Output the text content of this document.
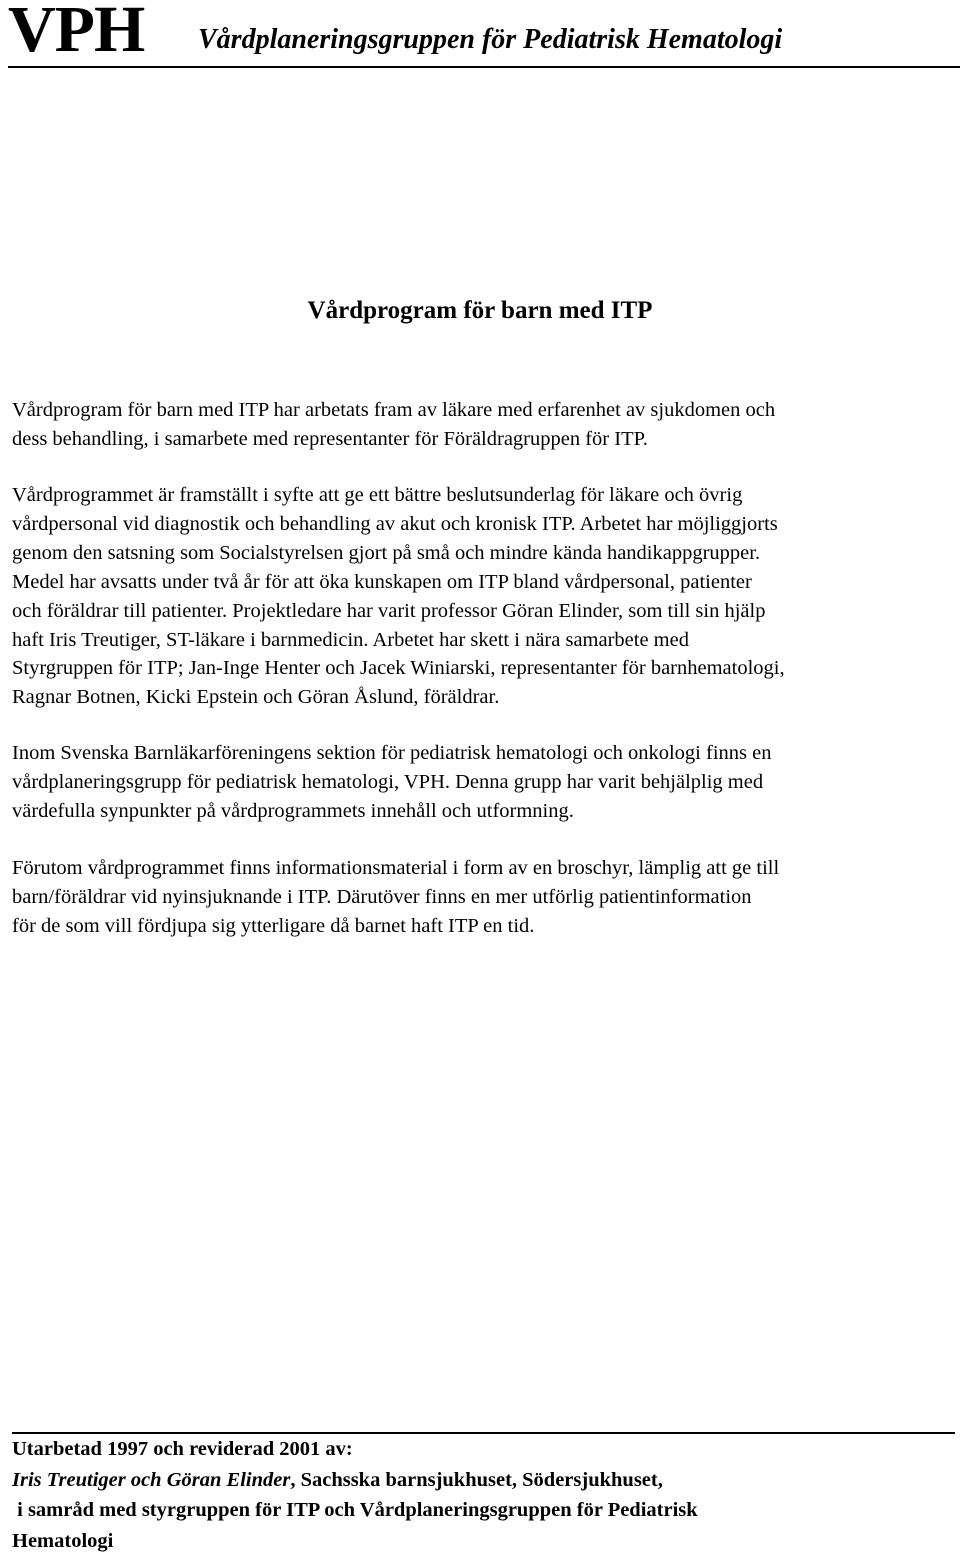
VPH Vårdplaneringsgruppen för Pediatrisk Hematologi
Vårdprogram för barn med ITP
Vårdprogram för barn med ITP har arbetats fram av läkare med erfarenhet av sjukdomen och
dess behandling, i samarbete med representanter för Föräldragruppen för ITP.
Vårdprogrammet är framställt i syfte att ge ett bättre beslutsunderlag för läkare och övrig
vårdpersonal vid diagnostik och behandling av akut och kronisk ITP. Arbetet har möjliggjorts
genom den satsning som Socialstyrelsen gjort på små och mindre kända handikappgrupper.
Medel har avsatts under två år för att öka kunskapen om ITP bland vårdpersonal, patienter
och föräldrar till patienter. Projektledare har varit professor Göran Elinder, som till sin hjälp
haft Iris Treutiger, ST-läkare i barnmedicin. Arbetet har skett i nära samarbete med
Styrgruppen för ITP; Jan-Inge Henter och Jacek Winiarski, representanter för barnhematologi,
Ragnar Botnen, Kicki Epstein och Göran Åslund, föräldrar.
Inom Svenska Barnläkarföreningens sektion för pediatrisk hematologi och onkologi finns en
vårdplaneringsgrupp för pediatrisk hematologi, VPH. Denna grupp har varit behjälplig med
värdefulla synpunkter på vårdprogrammets innehåll och utformning.
Förutom vårdprogrammet finns informationsmaterial i form av en broschyr, lämplig att ge till
barn/föräldrar vid nyinsjuknande i ITP. Därutöver finns en mer utförlig patientinformation
för de som vill fördjupa sig ytterligare då barnet haft ITP en tid.
Utarbetad 1997 och reviderad 2001 av:
Iris Treutiger och Göran Elinder, Sachsska barnsjukhuset, Södersjukhuset,
i samråd med styrgruppen för ITP och Vårdplaneringsgruppen för Pediatrisk
Hematologi
